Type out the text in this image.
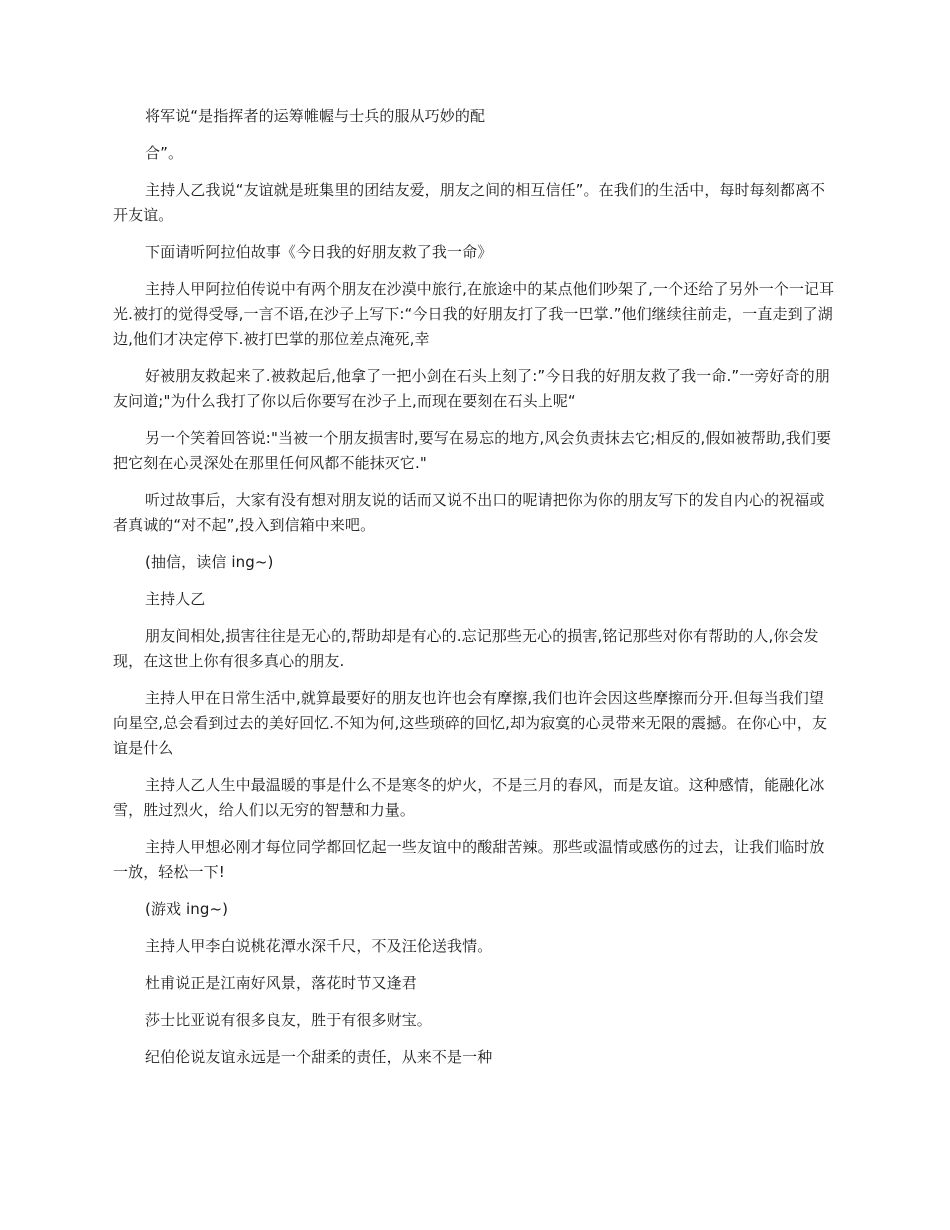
将军说“是指挥者的运筹帷幄与士兵的服从巧妙的配

合”。

主持人乙我说“友谊就是班集里的团结友爱，朋友之间的相互信任”。在我们的生活中，每时每刻都离不开友谊。

下面请听阿拉伯故事《今日我的好朋友救了我一命》

主持人甲阿拉伯传说中有两个朋友在沙漠中旅行,在旅途中的某点他们吵架了,一个还给了另外一个一记耳光.被打的觉得受辱,一言不语,在沙子上写下:“今日我的好朋友打了我一巴掌.”他们继续往前走，一直走到了湖边,他们才决定停下.被打巴掌的那位差点淹死,幸

好被朋友救起来了.被救起后,他拿了一把小剑在石头上刻了:”今日我的好朋友救了我一命.”一旁好奇的朋友问道;"为什么我打了你以后你要写在沙子上,而现在要刻在石头上呢“

另一个笑着回答说:"当被一个朋友损害时,要写在易忘的地方,风会负责抹去它;相反的,假如被帮助,我们要把它刻在心灵深处在那里任何风都不能抹灭它."

听过故事后，大家有没有想对朋友说的话而又说不出口的呢请把你为你的朋友写下的发自内心的祝福或者真诚的“对不起”,投入到信箱中来吧。

(抽信，读信 ing~)

主持人乙

朋友间相处,损害往往是无心的,帮助却是有心的.忘记那些无心的损害,铭记那些对你有帮助的人,你会发现，在这世上你有很多真心的朋友.

主持人甲在日常生活中,就算最要好的朋友也许也会有摩擦,我们也许会因这些摩擦而分开.但每当我们望向星空,总会看到过去的美好回忆.不知为何,这些琐碎的回忆,却为寂寞的心灵带来无限的震撼。在你心中，友谊是什么

主持人乙人生中最温暖的事是什么不是寒冬的炉火，不是三月的春风，而是友谊。这种感情，能融化冰雪，胜过烈火，给人们以无穷的智慧和力量。

主持人甲想必刚才每位同学都回忆起一些友谊中的酸甜苦辣。那些或温情或感伤的过去，让我们临时放一放，轻松一下!

(游戏 ing~)

主持人甲李白说桃花潭水深千尺，不及汪伦送我情。

杜甫说正是江南好风景，落花时节又逢君

莎士比亚说有很多良友，胜于有很多财宝。

纪伯伦说友谊永远是一个甜柔的责任，从来不是一种
